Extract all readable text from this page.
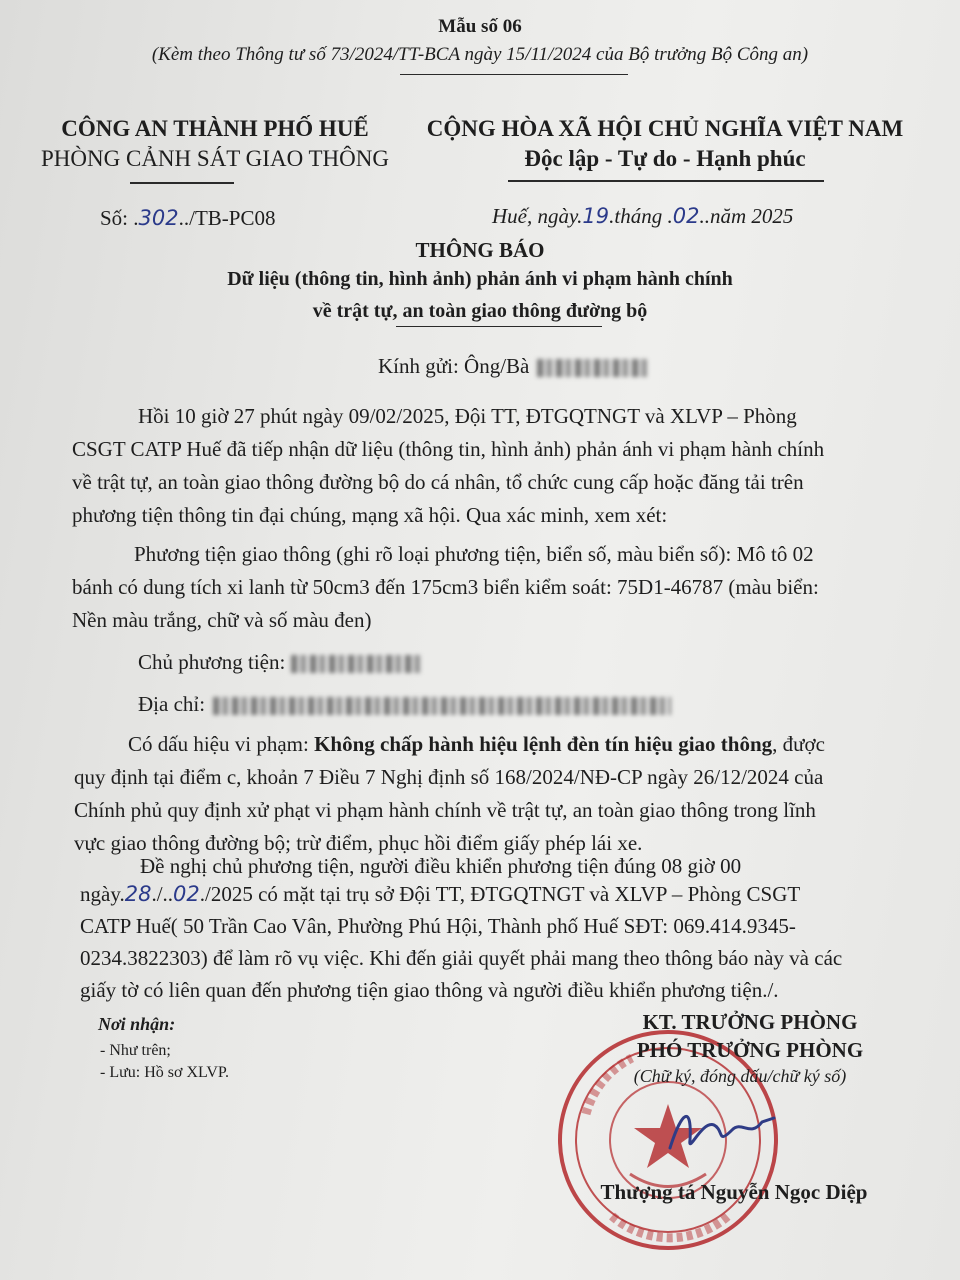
Mẫu số 06
(Kèm theo Thông tư số 73/2024/TT-BCA ngày 15/11/2024 của Bộ trưởng Bộ Công an)
CÔNG AN THÀNH PHỐ HUẾ
PHÒNG CẢNH SÁT GIAO THÔNG
CỘNG HÒA XÃ HỘI CHỦ NGHĨA VIỆT NAM
Độc lập - Tự do - Hạnh phúc
Số: .302../TB-PC08	Huế, ngày.19.tháng .02..năm 2025
THÔNG BÁO
Dữ liệu (thông tin, hình ảnh) phản ánh vi phạm hành chính
về trật tự, an toàn giao thông đường bộ
Kính gửi: Ông/Bà
Hồi 10 giờ 27 phút ngày 09/02/2025, Đội TT, ĐTGQTNGT và XLVP – Phòng
CSGT CATP Huế đã tiếp nhận dữ liệu (thông tin, hình ảnh) phản ánh vi phạm hành chính
về trật tự, an toàn giao thông đường bộ do cá nhân, tổ chức cung cấp hoặc đăng tải trên
phương tiện thông tin đại chúng, mạng xã hội. Qua xác minh, xem xét:
Phương tiện giao thông (ghi rõ loại phương tiện, biển số, màu biển số): Mô tô 02
bánh có dung tích xi lanh từ 50cm3 đến 175cm3 biển kiểm soát: 75D1-46787 (màu biển:
Nền màu trắng, chữ và số màu đen)
Chủ phương tiện:
Địa chỉ:
Có dấu hiệu vi phạm: Không chấp hành hiệu lệnh đèn tín hiệu giao thông, được
quy định tại điểm c, khoản 7 Điều 7 Nghị định số 168/2024/NĐ-CP ngày 26/12/2024 của
Chính phủ quy định xử phạt vi phạm hành chính về trật tự, an toàn giao thông trong lĩnh
vực giao thông đường bộ; trừ điểm, phục hồi điểm giấy phép lái xe.
Đề nghị chủ phương tiện, người điều khiển phương tiện đúng 08 giờ 00
ngày.28./..02./2025 có mặt tại trụ sở Đội TT, ĐTGQTNGT và XLVP – Phòng CSGT
CATP Huế( 50 Trần Cao Vân, Phường Phú Hội, Thành phố Huế SĐT: 069.414.9345-
0234.3822303) để làm rõ vụ việc. Khi đến giải quyết phải mang theo thông báo này và các
giấy tờ có liên quan đến phương tiện giao thông và người điều khiển phương tiện./.
Nơi nhận:
- Như trên;
- Lưu: Hồ sơ XLVP.
KT. TRƯỞNG PHÒNG
PHÓ TRƯỞNG PHÒNG
(Chữ ký, đóng dấu/chữ ký số)
Thượng tá Nguyễn Ngọc Diệp
